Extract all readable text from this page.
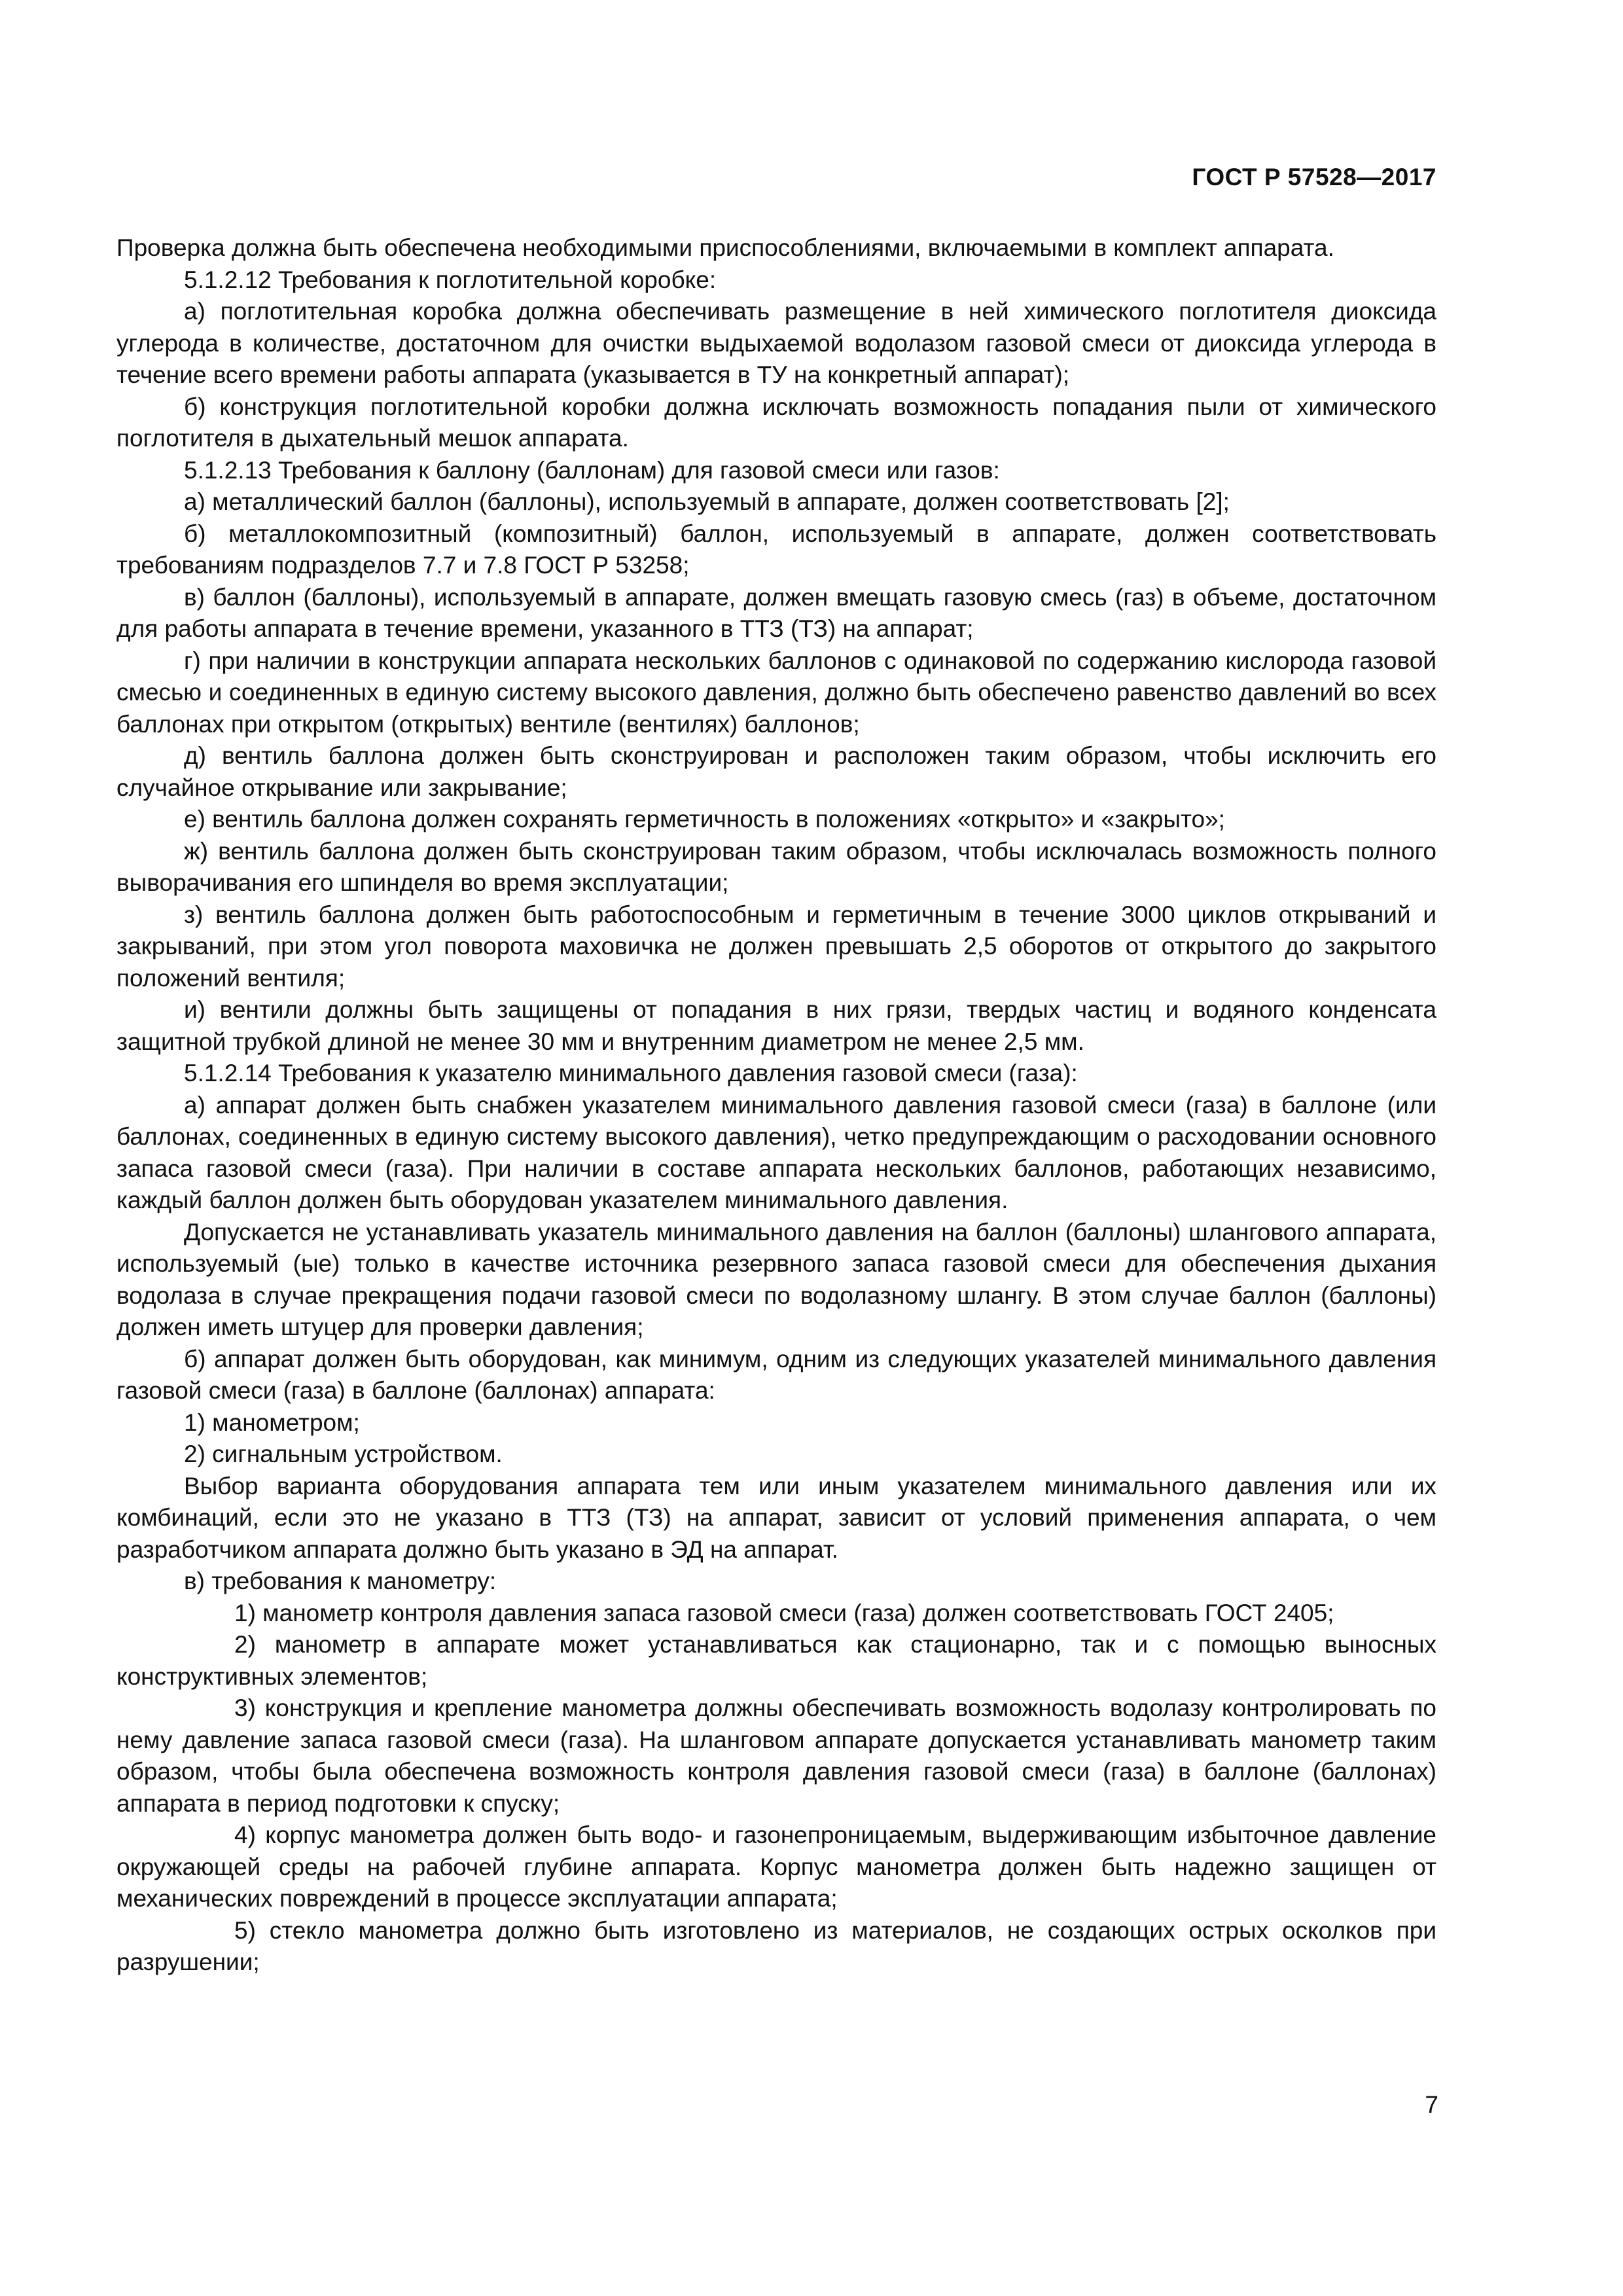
ГОСТ Р 57528—2017

Проверка должна быть обеспечена необходимыми приспособлениями, включаемыми в комплект аппарата.

5.1.2.12 Требования к поглотительной коробке:

а) поглотительная коробка должна обеспечивать размещение в ней химического поглотителя диоксида углерода в количестве, достаточном для очистки выдыхаемой водолазом газовой смеси от диоксида углерода в течение всего времени работы аппарата (указывается в ТУ на конкретный аппарат);

б) конструкция поглотительной коробки должна исключать возможность попадания пыли от химического поглотителя в дыхательный мешок аппарата.

5.1.2.13 Требования к баллону (баллонам) для газовой смеси или газов:

а) металлический баллон (баллоны), используемый в аппарате, должен соответствовать [2];

б) металлокомпозитный (композитный) баллон, используемый в аппарате, должен соответствовать требованиям подразделов 7.7 и 7.8 ГОСТ Р 53258;

в) баллон (баллоны), используемый в аппарате, должен вмещать газовую смесь (газ) в объеме, достаточном для работы аппарата в течение времени, указанного в ТТЗ (ТЗ) на аппарат;

г) при наличии в конструкции аппарата нескольких баллонов с одинаковой по содержанию кислорода газовой смесью и соединенных в единую систему высокого давления, должно быть обеспечено равенство давлений во всех баллонах при открытом (открытых) вентиле (вентилях) баллонов;

д) вентиль баллона должен быть сконструирован и расположен таким образом, чтобы исключить его случайное открывание или закрывание;

е) вентиль баллона должен сохранять герметичность в положениях «открыто» и «закрыто»;

ж) вентиль баллона должен быть сконструирован таким образом, чтобы исключалась возможность полного выворачивания его шпинделя во время эксплуатации;

з) вентиль баллона должен быть работоспособным и герметичным в течение 3000 циклов открываний и закрываний, при этом угол поворота маховичка не должен превышать 2,5 оборотов от открытого до закрытого положений вентиля;

и) вентили должны быть защищены от попадания в них грязи, твердых частиц и водяного конденсата защитной трубкой длиной не менее 30 мм и внутренним диаметром не менее 2,5 мм.

5.1.2.14 Требования к указателю минимального давления газовой смеси (газа):

а) аппарат должен быть снабжен указателем минимального давления газовой смеси (газа) в баллоне (или баллонах, соединенных в единую систему высокого давления), четко предупреждающим о расходовании основного запаса газовой смеси (газа). При наличии в составе аппарата нескольких баллонов, работающих независимо, каждый баллон должен быть оборудован указателем минимального давления.

Допускается не устанавливать указатель минимального давления на баллон (баллоны) шлангового аппарата, используемый (ые) только в качестве источника резервного запаса газовой смеси для обеспечения дыхания водолаза в случае прекращения подачи газовой смеси по водолазному шлангу. В этом случае баллон (баллоны) должен иметь штуцер для проверки давления;

б) аппарат должен быть оборудован, как минимум, одним из следующих указателей минимального давления газовой смеси (газа) в баллоне (баллонах) аппарата:

1) манометром;

2) сигнальным устройством.

Выбор варианта оборудования аппарата тем или иным указателем минимального давления или их комбинаций, если это не указано в ТТЗ (ТЗ) на аппарат, зависит от условий применения аппарата, о чем разработчиком аппарата должно быть указано в ЭД на аппарат.

в) требования к манометру:

1) манометр контроля давления запаса газовой смеси (газа) должен соответствовать ГОСТ 2405;

2) манометр в аппарате может устанавливаться как стационарно, так и с помощью выносных конструктивных элементов;

3) конструкция и крепление манометра должны обеспечивать возможность водолазу контролировать по нему давление запаса газовой смеси (газа). На шланговом аппарате допускается устанавливать манометр таким образом, чтобы была обеспечена возможность контроля давления газовой смеси (газа) в баллоне (баллонах) аппарата в период подготовки к спуску;

4) корпус манометра должен быть водо- и газонепроницаемым, выдерживающим избыточное давление окружающей среды на рабочей глубине аппарата. Корпус манометра должен быть надежно защищен от механических повреждений в процессе эксплуатации аппарата;

5) стекло манометра должно быть изготовлено из материалов, не создающих острых осколков при разрушении;

7
